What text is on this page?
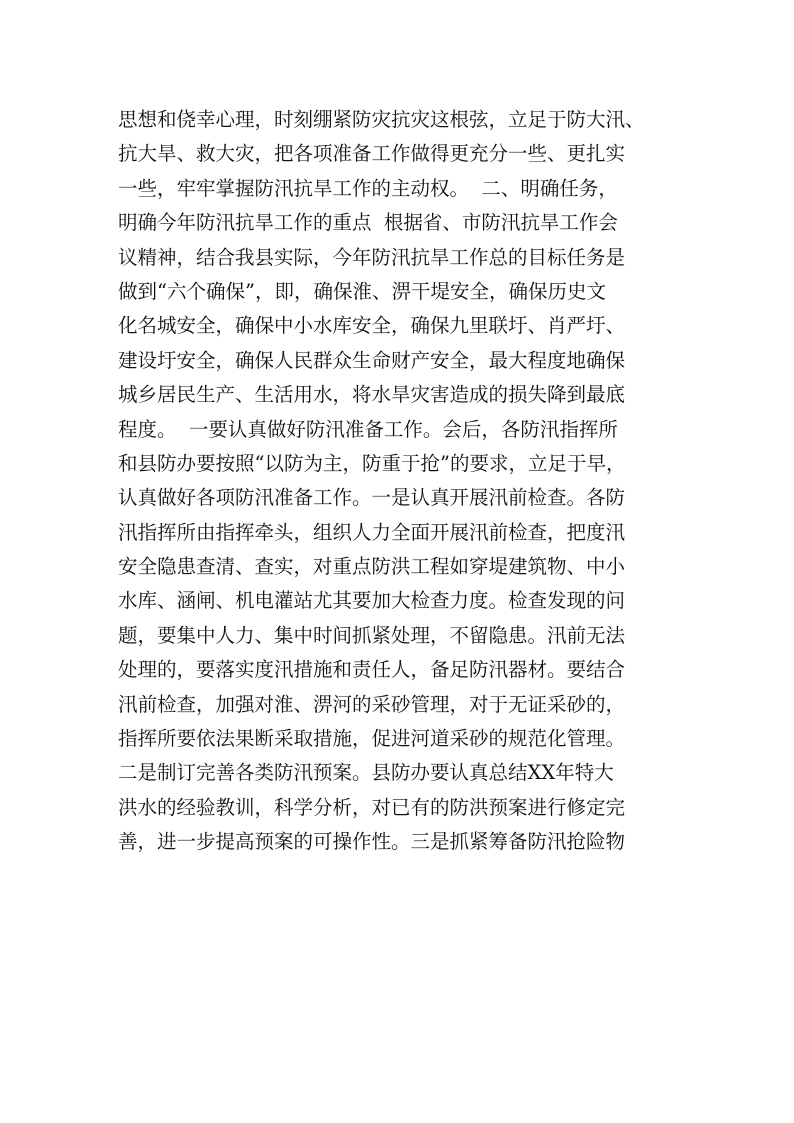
思想和侥幸心理，时刻绷紧防灾抗灾这根弦，立足于防大汛、
抗大旱、救大灾，把各项准备工作做得更充分一些、更扎实
一些，牢牢掌握防汛抗旱工作的主动权。  二、明确任务，
明确今年防汛抗旱工作的重点  根据省、市防汛抗旱工作会
议精神，结合我县实际，今年防汛抗旱工作总的目标任务是
做到“六个确保”，即，确保淮、淠干堤安全，确保历史文
化名城安全，确保中小水库安全，确保九里联圩、肖严圩、
建设圩安全，确保人民群众生命财产安全，最大程度地确保
城乡居民生产、生活用水，将水旱灾害造成的损失降到最底
程度。  一要认真做好防汛准备工作。会后，各防汛指挥所
和县防办要按照“以防为主，防重于抢”的要求，立足于早，
认真做好各项防汛准备工作。一是认真开展汛前检查。各防
汛指挥所由指挥牵头，组织人力全面开展汛前检查，把度汛
安全隐患查清、查实，对重点防洪工程如穿堤建筑物、中小
水库、涵闸、机电灌站尤其要加大检查力度。检查发现的问
题，要集中人力、集中时间抓紧处理，不留隐患。汛前无法
处理的，要落实度汛措施和责任人，备足防汛器材。要结合
汛前检查，加强对淮、淠河的采砂管理，对于无证采砂的，
指挥所要依法果断采取措施，促进河道采砂的规范化管理。
二是制订完善各类防汛预案。县防办要认真总结XX年特大
洪水的经验教训，科学分析，对已有的防洪预案进行修定完
善，进一步提高预案的可操作性。三是抓紧筹备防汛抢险物
